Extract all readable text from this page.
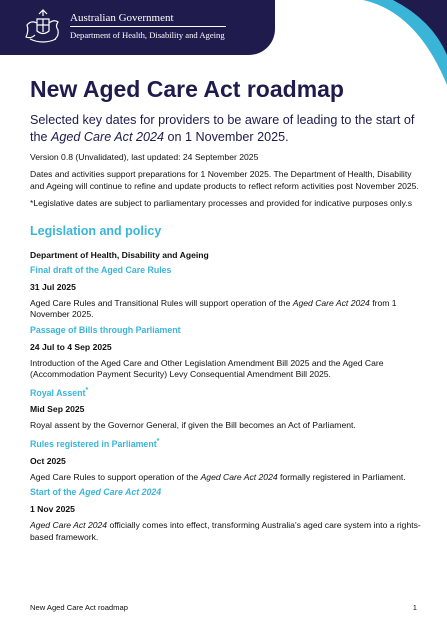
Australian Government
Department of Health, Disability and Ageing
New Aged Care Act roadmap

Selected key dates for providers to be aware of leading to the start of the Aged Care Act 2024 on 1 November 2025.

Version 0.8 (Unvalidated), last updated: 24 September 2025

Dates and activities support preparations for 1 November 2025. The Department of Health, Disability and Ageing will continue to refine and update products to reflect reform activities post November 2025.

*Legislative dates are subject to parliamentary processes and provided for indicative purposes only.s

Legislation and policy

Department of Health, Disability and Ageing

Final draft of the Aged Care Rules

31 Jul 2025

Aged Care Rules and Transitional Rules will support operation of the Aged Care Act 2024 from 1 November 2025.

Passage of Bills through Parliament

24 Jul to 4 Sep 2025

Introduction of the Aged Care and Other Legislation Amendment Bill 2025 and the Aged Care (Accommodation Payment Security) Levy Consequential Amendment Bill 2025.

Royal Assent*

Mid Sep 2025

Royal assent by the Governor General, if given the Bill becomes an Act of Parliament.

Rules registered in Parliament*

Oct 2025

Aged Care Rules to support operation of the Aged Care Act 2024 formally registered in Parliament.

Start of the Aged Care Act 2024

1 Nov 2025

Aged Care Act 2024 officially comes into effect, transforming Australia's aged care system into a rights-based framework.

New Aged Care Act roadmap	1
